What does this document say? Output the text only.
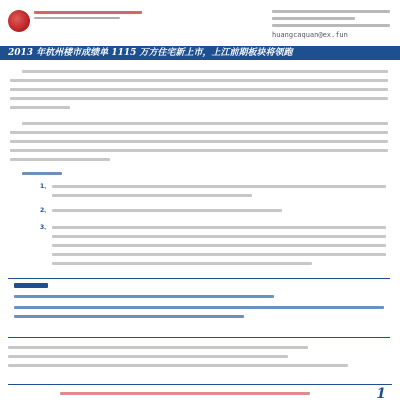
huangcaquan@ex.fun
2013 年杭州楼市成绩单 1115 万方住宅新上市，上江前期板块将领跑
1、
2、
3、
1
